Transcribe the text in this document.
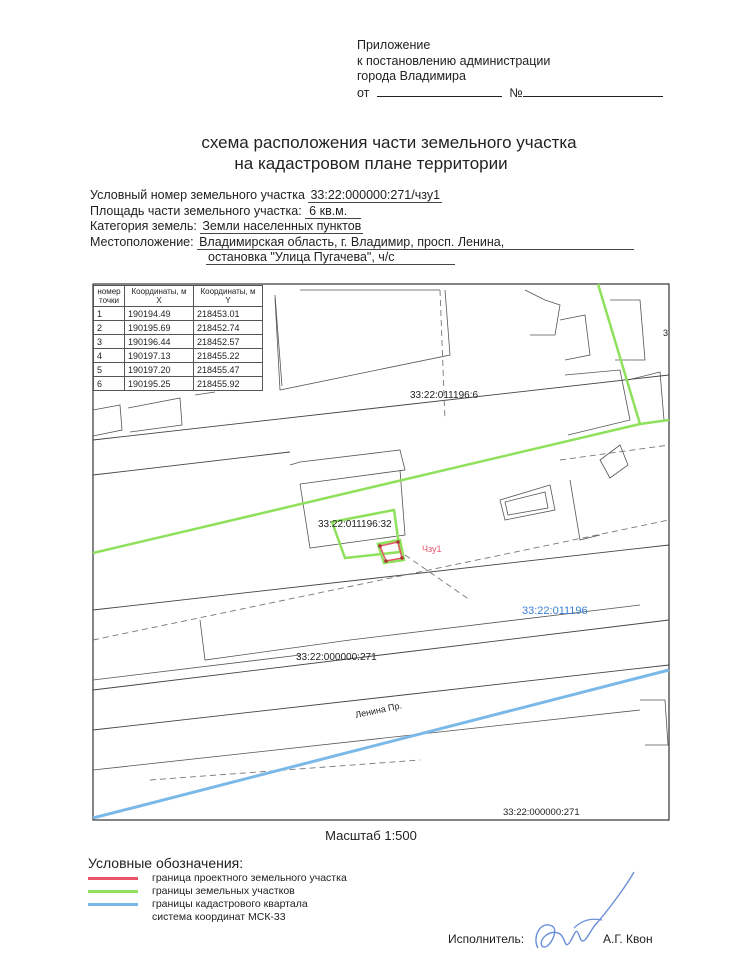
Приложение
к постановлению администрации
города Владимира
от	№
схема расположения части земельного участка
на кадастровом плане территории
Условный номер земельного участка 33:22:000000:271/чзу1
Площадь части земельного участка: 6 кв.м.
Категория земель: Земли населенных пунктов
Местоположение: Владимирская область, г. Владимир, просп. Ленина,
остановка "Улица Пугачева", ч/с
33:22:011196:6
33:22:011196:32
Чзу1
33:22:011196
33:22:000000:271
Ленина Пр.
33:22:000000:271
3
номер точки	Координаты, м X	Координаты, м Y
1	190194.49	218453.01
2	190195.69	218452.74
3	190196.44	218452.57
4	190197.13	218455.22
5	190197.20	218455.47
6	190195.25	218455.92
Масштаб 1:500
Условные обозначения:
граница проектного земельного участка
границы земельных участков
границы кадастрового квартала
система координат МСК-33
Исполнитель:	А.Г. Квон
